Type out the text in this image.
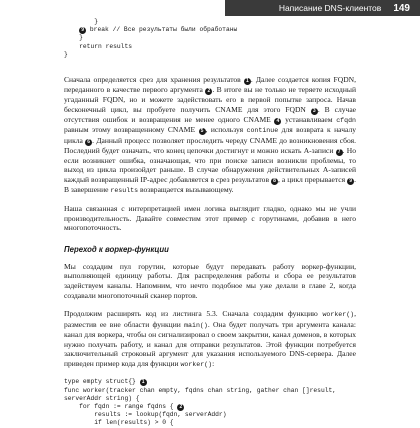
Написание DNS-клиентов 149
}
9 break // Все результаты были обработаны
}
return results
}

Сначала определяется срез для хранения результатов 1 . Далее создается копия FQDN, переданного в качестве первого аргумента 2 . В итоге вы не только не теряете исходный угаданный FQDN, но и можете задействовать его в первой попытке запроса. Начав бесконечный цикл, вы пробуете получить CNAME для этого FQDN 3 . В случае отсутствия ошибок и возвращения не менее одного CNAME 4 устанавливаем cfqdn равным этому возвращенному CNAME 5 , используя continue для возврата к началу цикла 6 . Данный процесс позволяет проследить череду CNAME до возникновения сбоя. Последний будет означать, что конец цепочки достигнут и можно искать A-записи 7 . Но если возникнет ошибка, означающая, что при поиске записи возникли проблемы, то выход из цикла произойдет раньше. В случае обнаружения действительных A-записей каждый возвращенный IP-адрес добавляется в срез результатов 8 , а цикл прерывается 9 . В завершение results возвращается вызывающему.

Наша связанная с интерпретацией имен логика выглядит гладко, однако мы не учли производительность. Давайте совместим этот пример с горутинами, добавив в него многопоточность.

Переход к воркер-функции

Мы создадим пул горутин, которые будут передавать работу воркер-функции, выполняющей единицу работы. Для распределения работы и сбора ее результатов задействуем каналы. Напомним, что нечто подобное мы уже делали в главе 2, когда создавали многопоточный сканер портов.

Продолжим расширять код из листинга 5.3. Сначала создадим функцию worker(), разместив ее вне области функции main(). Она будет получать три аргумента канала: канал для воркера, чтобы он сигнализировал о своем закрытии, канал доменов, в которых нужно получать работу, и канал для отправки результатов. Этой функции потребуется заключительный строковый аргумент для указания используемого DNS-сервера. Далее приведен пример кода для функции worker():

type empty struct{} 1
func worker(tracker chan empty, fqdns chan string, gather chan []result,
serverAddr string) {
for fqdn := range fqdns { 2
results := lookup(fqdn, serverAddr)
if len(results) > 0 {
